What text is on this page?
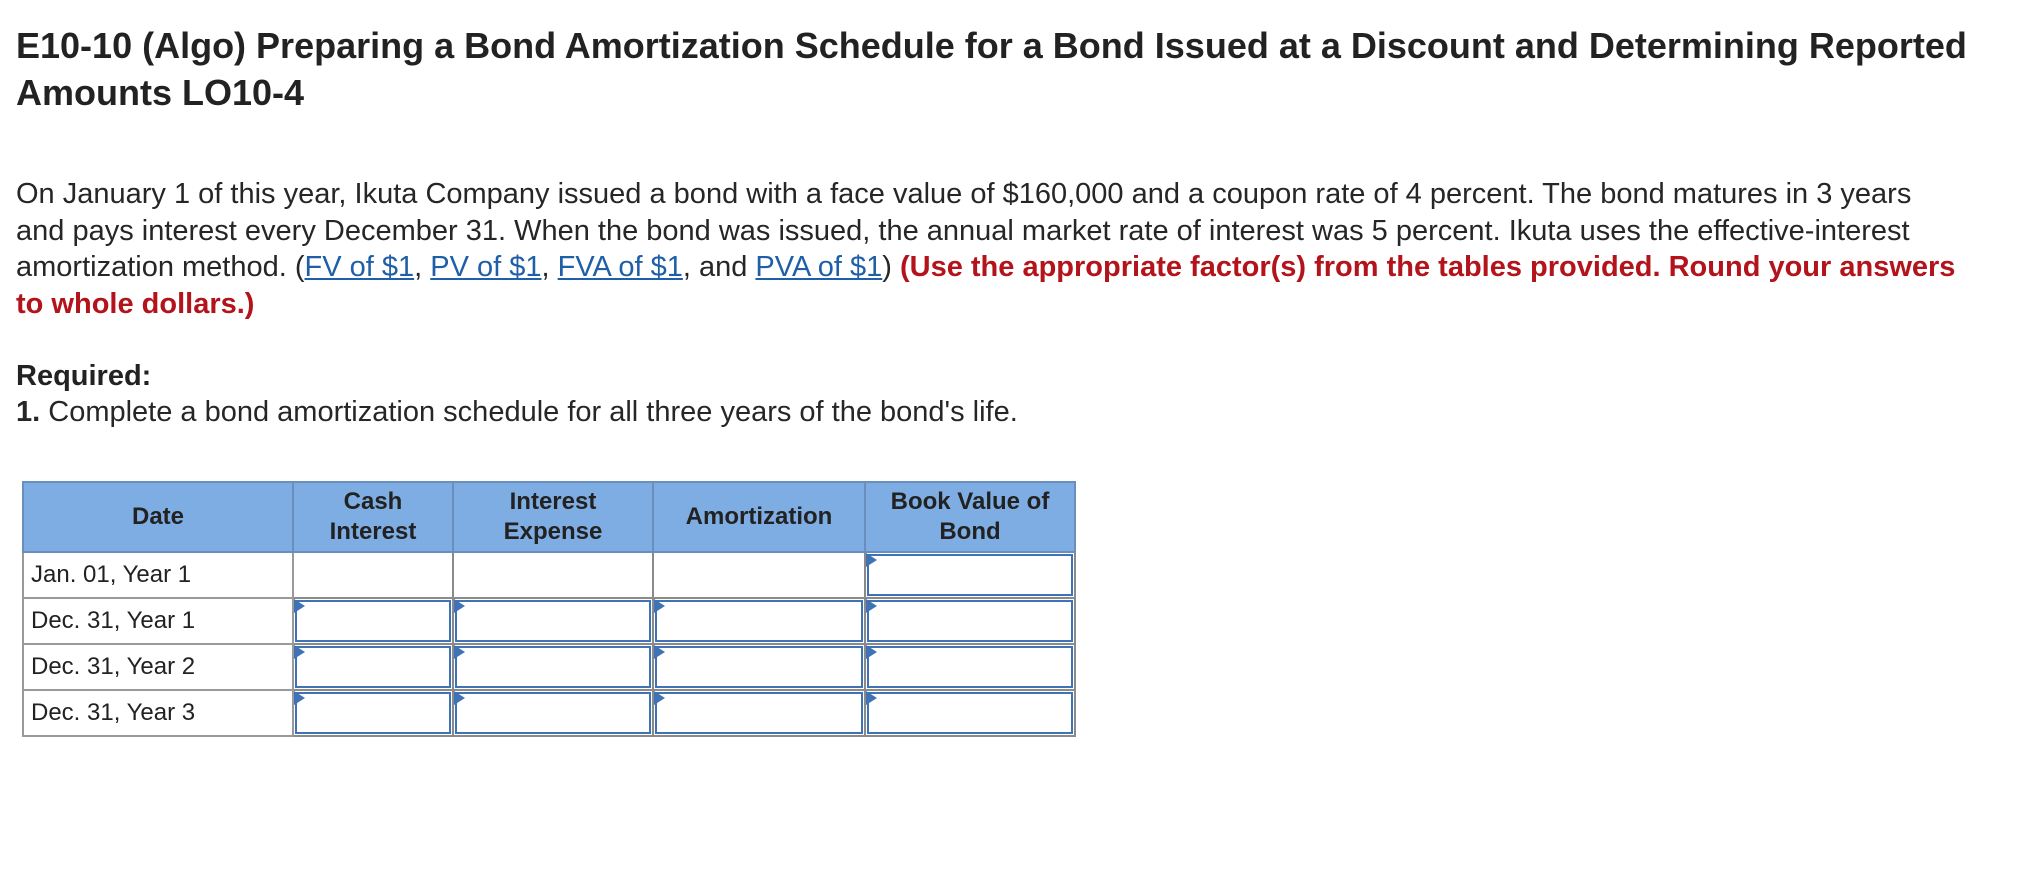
E10-10 (Algo) Preparing a Bond Amortization Schedule for a Bond Issued at a Discount and Determining Reported Amounts LO10-4

On January 1 of this year, Ikuta Company issued a bond with a face value of $160,000 and a coupon rate of 4 percent. The bond matures in 3 years and pays interest every December 31. When the bond was issued, the annual market rate of interest was 5 percent. Ikuta uses the effective-interest amortization method. (FV of $1, PV of $1, FVA of $1, and PVA of $1) (Use the appropriate factor(s) from the tables provided. Round your answers to whole dollars.)

Required:

1. Complete a bond amortization schedule for all three years of the bond's life.

Date	Cash Interest	Interest Expense	Amortization	Book Value of Bond
Jan. 01, Year 1				

Dec. 31, Year 1	

Dec. 31, Year 2	

Dec. 31, Year 3	
